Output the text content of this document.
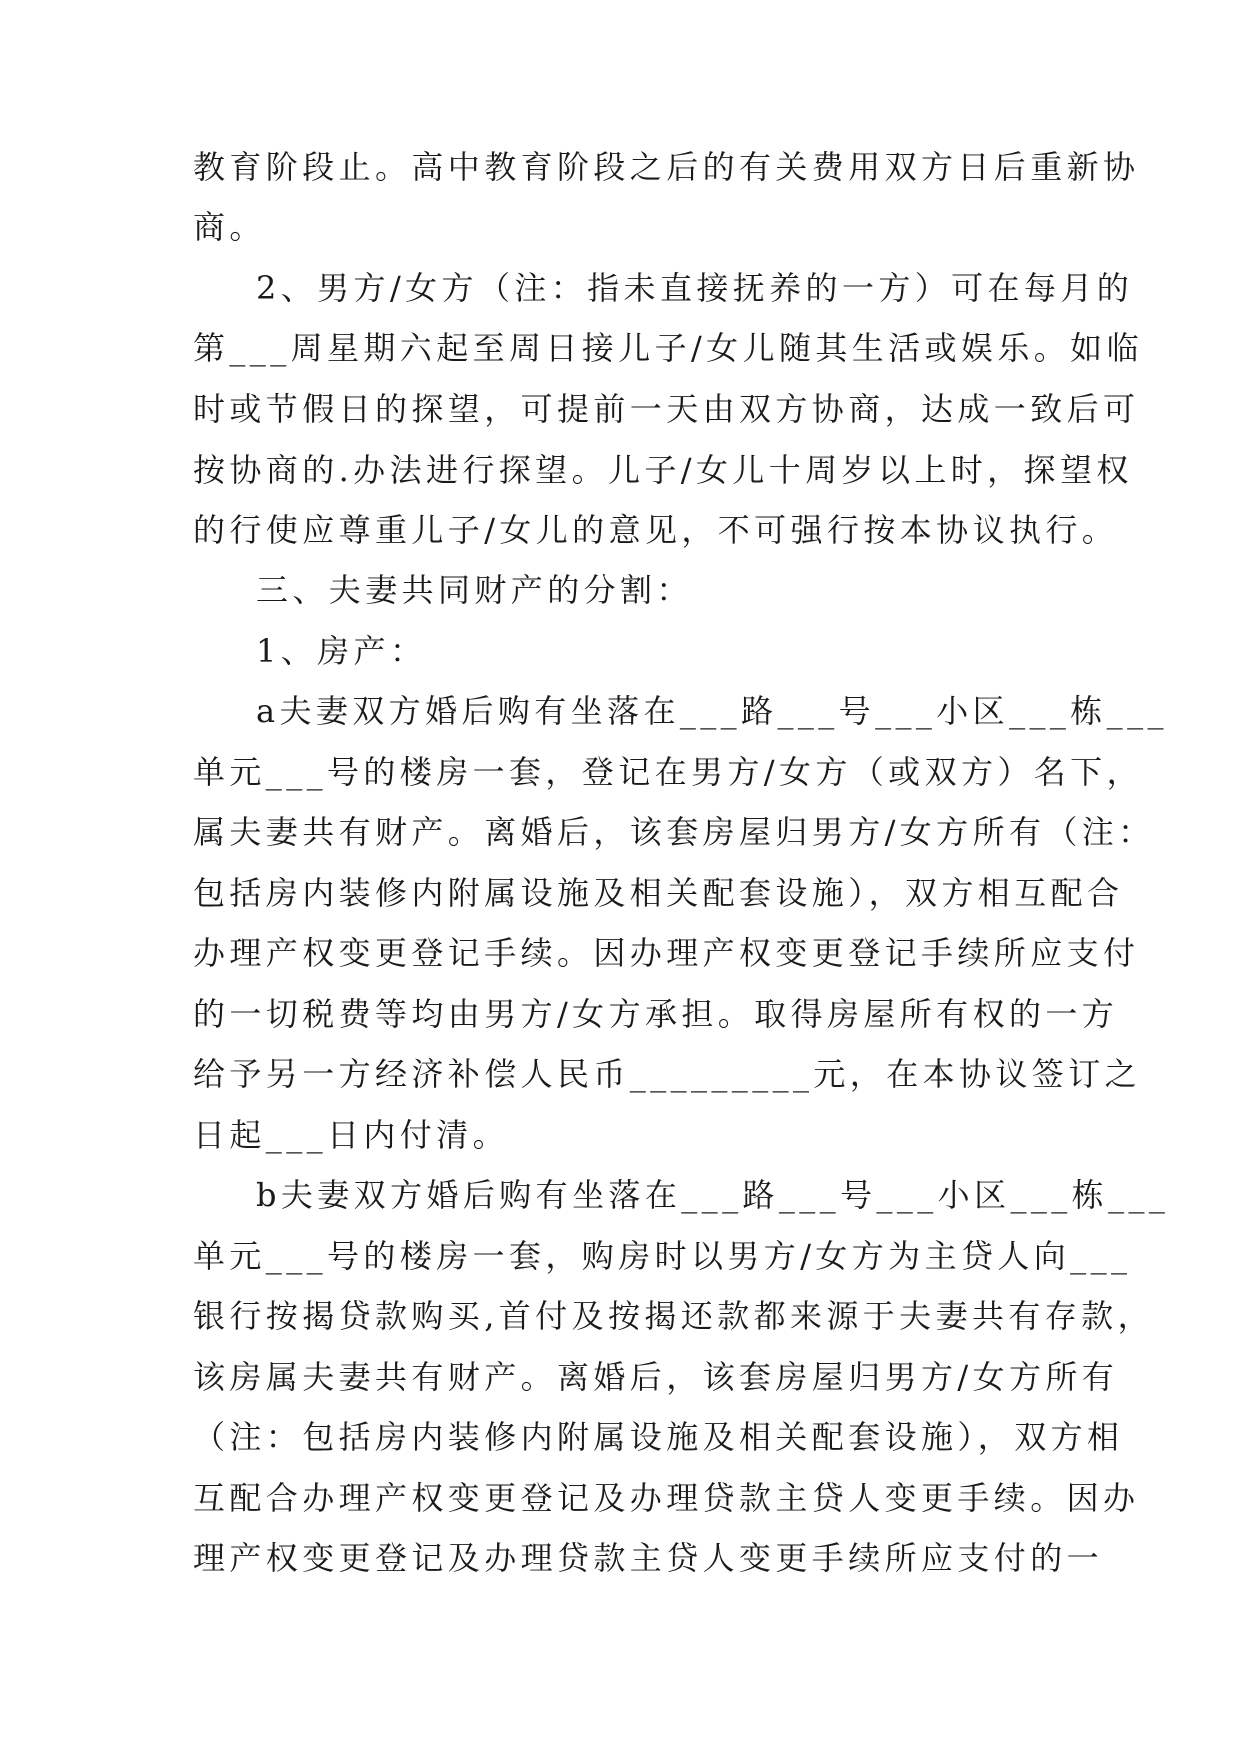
教育阶段止。高中教育阶段之后的有关费用双方日后重新协
商。
2、男方/女方（注：指未直接抚养的一方）可在每月的
第___周星期六起至周日接儿子/女儿随其生活或娱乐。如临
时或节假日的探望，可提前一天由双方协商，达成一致后可
按协商的.办法进行探望。儿子/女儿十周岁以上时，探望权
的行使应尊重儿子/女儿的意见，不可强行按本协议执行。
三、夫妻共同财产的分割：
1、房产：
a夫妻双方婚后购有坐落在___路___号___小区___栋___
单元___号的楼房一套，登记在男方/女方（或双方）名下，
属夫妻共有财产。离婚后，该套房屋归男方/女方所有（注：
包括房内装修内附属设施及相关配套设施），双方相互配合
办理产权变更登记手续。因办理产权变更登记手续所应支付
的一切税费等均由男方/女方承担。取得房屋所有权的一方
给予另一方经济补偿人民币_________元，在本协议签订之
日起___日内付清。
b夫妻双方婚后购有坐落在___路___号___小区___栋___
单元___号的楼房一套，购房时以男方/女方为主贷人向___
银行按揭贷款购买,首付及按揭还款都来源于夫妻共有存款，
该房属夫妻共有财产。离婚后，该套房屋归男方/女方所有
（注：包括房内装修内附属设施及相关配套设施），双方相
互配合办理产权变更登记及办理贷款主贷人变更手续。因办
理产权变更登记及办理贷款主贷人变更手续所应支付的一
